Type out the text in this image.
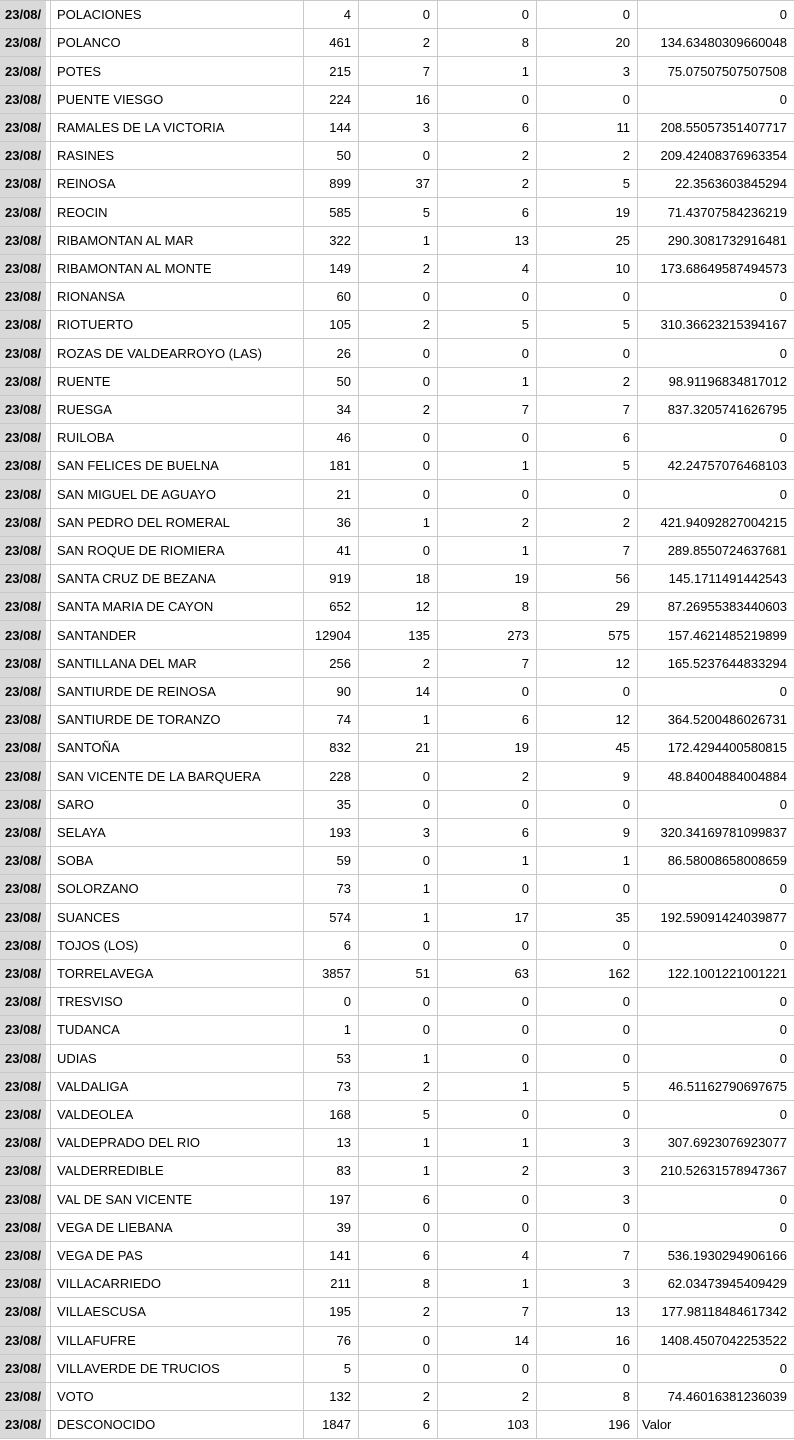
23/08/	POLACIONES	4	0	0	0	0
23/08/	POLANCO	461	2	8	20	134.63480309660048
23/08/	POTES	215	7	1	3	75.07507507507508
23/08/	PUENTE VIESGO	224	16	0	0	0
23/08/	RAMALES DE LA VICTORIA	144	3	6	11	208.55057351407717
23/08/	RASINES	50	0	2	2	209.42408376963354
23/08/	REINOSA	899	37	2	5	22.3563603845294
23/08/	REOCIN	585	5	6	19	71.43707584236219
23/08/	RIBAMONTAN AL MAR	322	1	13	25	290.3081732916481
23/08/	RIBAMONTAN AL MONTE	149	2	4	10	173.68649587494573
23/08/	RIONANSA	60	0	0	0	0
23/08/	RIOTUERTO	105	2	5	5	310.36623215394167
23/08/	ROZAS DE VALDEARROYO (LAS)	26	0	0	0	0
23/08/	RUENTE	50	0	1	2	98.91196834817012
23/08/	RUESGA	34	2	7	7	837.3205741626795
23/08/	RUILOBA	46	0	0	6	0
23/08/	SAN FELICES DE BUELNA	181	0	1	5	42.24757076468103
23/08/	SAN MIGUEL DE AGUAYO	21	0	0	0	0
23/08/	SAN PEDRO DEL ROMERAL	36	1	2	2	421.94092827004215
23/08/	SAN ROQUE DE RIOMIERA	41	0	1	7	289.8550724637681
23/08/	SANTA CRUZ DE BEZANA	919	18	19	56	145.1711491442543
23/08/	SANTA MARIA DE CAYON	652	12	8	29	87.26955383440603
23/08/	SANTANDER	12904	135	273	575	157.4621485219899
23/08/	SANTILLANA DEL MAR	256	2	7	12	165.5237644833294
23/08/	SANTIURDE DE REINOSA	90	14	0	0	0
23/08/	SANTIURDE DE TORANZO	74	1	6	12	364.5200486026731
23/08/	SANTOÑA	832	21	19	45	172.4294400580815
23/08/	SAN VICENTE DE LA BARQUERA	228	0	2	9	48.84004884004884
23/08/	SARO	35	0	0	0	0
23/08/	SELAYA	193	3	6	9	320.34169781099837
23/08/	SOBA	59	0	1	1	86.58008658008659
23/08/	SOLORZANO	73	1	0	0	0
23/08/	SUANCES	574	1	17	35	192.59091424039877
23/08/	TOJOS (LOS)	6	0	0	0	0
23/08/	TORRELAVEGA	3857	51	63	162	122.1001221001221
23/08/	TRESVISO	0	0	0	0	0
23/08/	TUDANCA	1	0	0	0	0
23/08/	UDIAS	53	1	0	0	0
23/08/	VALDALIGA	73	2	1	5	46.51162790697675
23/08/	VALDEOLEA	168	5	0	0	0
23/08/	VALDEPRADO DEL RIO	13	1	1	3	307.6923076923077
23/08/	VALDERREDIBLE	83	1	2	3	210.52631578947367
23/08/	VAL DE SAN VICENTE	197	6	0	3	0
23/08/	VEGA DE LIEBANA	39	0	0	0	0
23/08/	VEGA DE PAS	141	6	4	7	536.1930294906166
23/08/	VILLACARRIEDO	211	8	1	3	62.03473945409429
23/08/	VILLAESCUSA	195	2	7	13	177.98118484617342
23/08/	VILLAFUFRE	76	0	14	16	1408.4507042253522
23/08/	VILLAVERDE DE TRUCIOS	5	0	0	0	0
23/08/	VOTO	132	2	2	8	74.46016381236039
23/08/	DESCONOCIDO	1847	6	103	196 Valor
